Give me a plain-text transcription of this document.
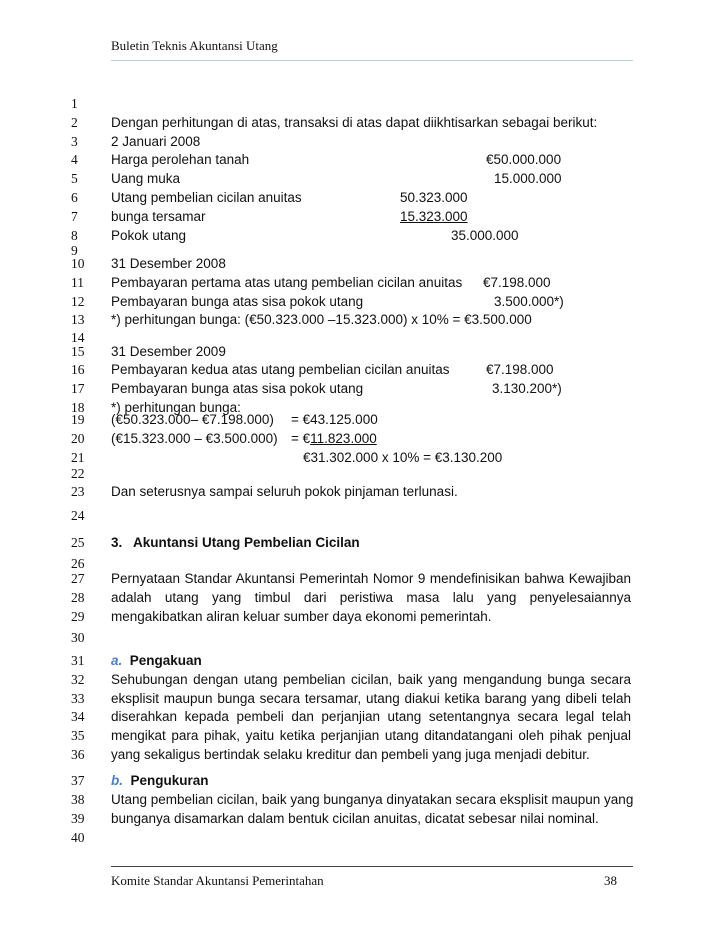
Buletin Teknis Akuntansi Utang
1
2
3
4
5
6
7
8
9
10
11
12
13
14
15
16
17
18
19
20
21
22
23
24
25
26
27
28
29
30
31
32
33
34
35
36
37
38
39
40
Dengan perhitungan di atas, transaksi di atas dapat diikhtisarkan sebagai berikut:
2 Januari 2008
Harga perolehan tanah	€50.000.000
Uang muka	15.000.000
Utang pembelian cicilan anuitas	50.323.000
bunga tersamar	15.323.000
Pokok utang	35.000.000
31 Desember 2008
Pembayaran pertama atas utang pembelian cicilan anuitas €7.198.000
Pembayaran bunga atas sisa pokok utang	3.500.000*)
*) perhitungan bunga: (€50.323.000 –15.323.000) x 10% = €3.500.000
31 Desember 2009
Pembayaran kedua atas utang pembelian cicilan anuitas	€7.198.000
Pembayaran bunga atas sisa pokok utang	3.130.200*)
*) perhitungan bunga:
(€50.323.000– €7.198.000) = €43.125.000
(€15.323.000 – €3.500.000) = €11.823.000
€31.302.000 x 10% = €3.130.200
Dan seterusnya sampai seluruh pokok pinjaman terlunasi.
3. Akuntansi Utang Pembelian Cicilan
Pernyataan Standar Akuntansi Pemerintah Nomor 9 mendefinisikan bahwa Kewajiban
adalah utang yang timbul dari peristiwa masa lalu yang penyelesaiannya
mengakibatkan aliran keluar sumber daya ekonomi pemerintah.
a. Pengakuan
Sehubungan dengan utang pembelian cicilan, baik yang mengandung bunga secara
eksplisit maupun bunga secara tersamar, utang diakui ketika barang yang dibeli telah
diserahkan kepada pembeli dan perjanjian utang setentangnya secara legal telah
mengikat para pihak, yaitu ketika perjanjian utang ditandatangani oleh pihak penjual
yang sekaligus bertindak selaku kreditur dan pembeli yang juga menjadi debitur.
b. Pengukuran
Utang pembelian cicilan, baik yang bunganya dinyatakan secara eksplisit maupun yang
bunganya disamarkan dalam bentuk cicilan anuitas, dicatat sebesar nilai nominal.
Komite Standar Akuntansi Pemerintahan	38
